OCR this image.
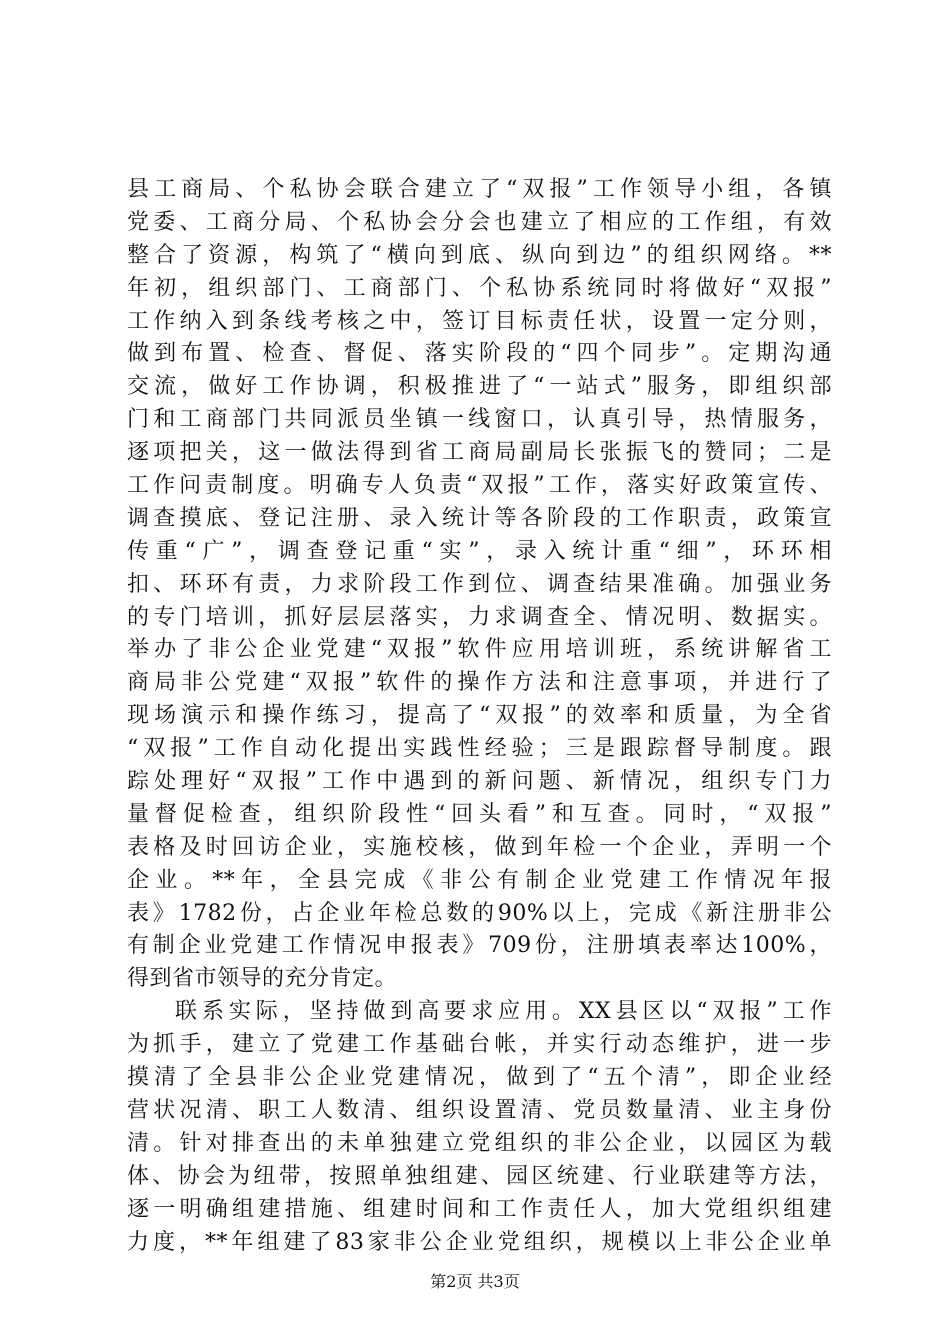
县工商局、个私协会联合建立了“双报”工作领导小组，各镇
党委、工商分局、个私协会分会也建立了相应的工作组，有效
整合了资源，构筑了“横向到底、纵向到边”的组织网络。**
年初，组织部门、工商部门、个私协系统同时将做好“双报”
工作纳入到条线考核之中，签订目标责任状，设置一定分则，
做到布置、检查、督促、落实阶段的“四个同步”。定期沟通
交流，做好工作协调，积极推进了“一站式”服务，即组织部
门和工商部门共同派员坐镇一线窗口，认真引导，热情服务，
逐项把关，这一做法得到省工商局副局长张振飞的赞同；二是
工作问责制度。明确专人负责“双报”工作，落实好政策宣传、
调查摸底、登记注册、录入统计等各阶段的工作职责，政策宣
传重“广”，调查登记重“实”，录入统计重“细”，环环相
扣、环环有责，力求阶段工作到位、调查结果准确。加强业务
的专门培训，抓好层层落实，力求调查全、情况明、数据实。
举办了非公企业党建“双报”软件应用培训班，系统讲解省工
商局非公党建“双报”软件的操作方法和注意事项，并进行了
现场演示和操作练习，提高了“双报”的效率和质量，为全省
“双报”工作自动化提出实践性经验；三是跟踪督导制度。跟
踪处理好“双报”工作中遇到的新问题、新情况，组织专门力
量督促检查，组织阶段性“回头看”和互查。同时，“双报”
表格及时回访企业，实施校核，做到年检一个企业，弄明一个
企业。**年，全县完成《非公有制企业党建工作情况年报
表》1782份，占企业年检总数的90%以上，完成《新注册非公
有制企业党建工作情况申报表》709份，注册填表率达100%，
得到省市领导的充分肯定。
联系实际，坚持做到高要求应用。XX县区以“双报”工作
为抓手，建立了党建工作基础台帐，并实行动态维护，进一步
摸清了全县非公企业党建情况，做到了“五个清”，即企业经
营状况清、职工人数清、组织设置清、党员数量清、业主身份
清。针对排查出的未单独建立党组织的非公企业，以园区为载
体、协会为纽带，按照单独组建、园区统建、行业联建等方法，
逐一明确组建措施、组建时间和工作责任人，加大党组织组建
力度，**年组建了83家非公企业党组织，规模以上非公企业单
第2页 共3页
